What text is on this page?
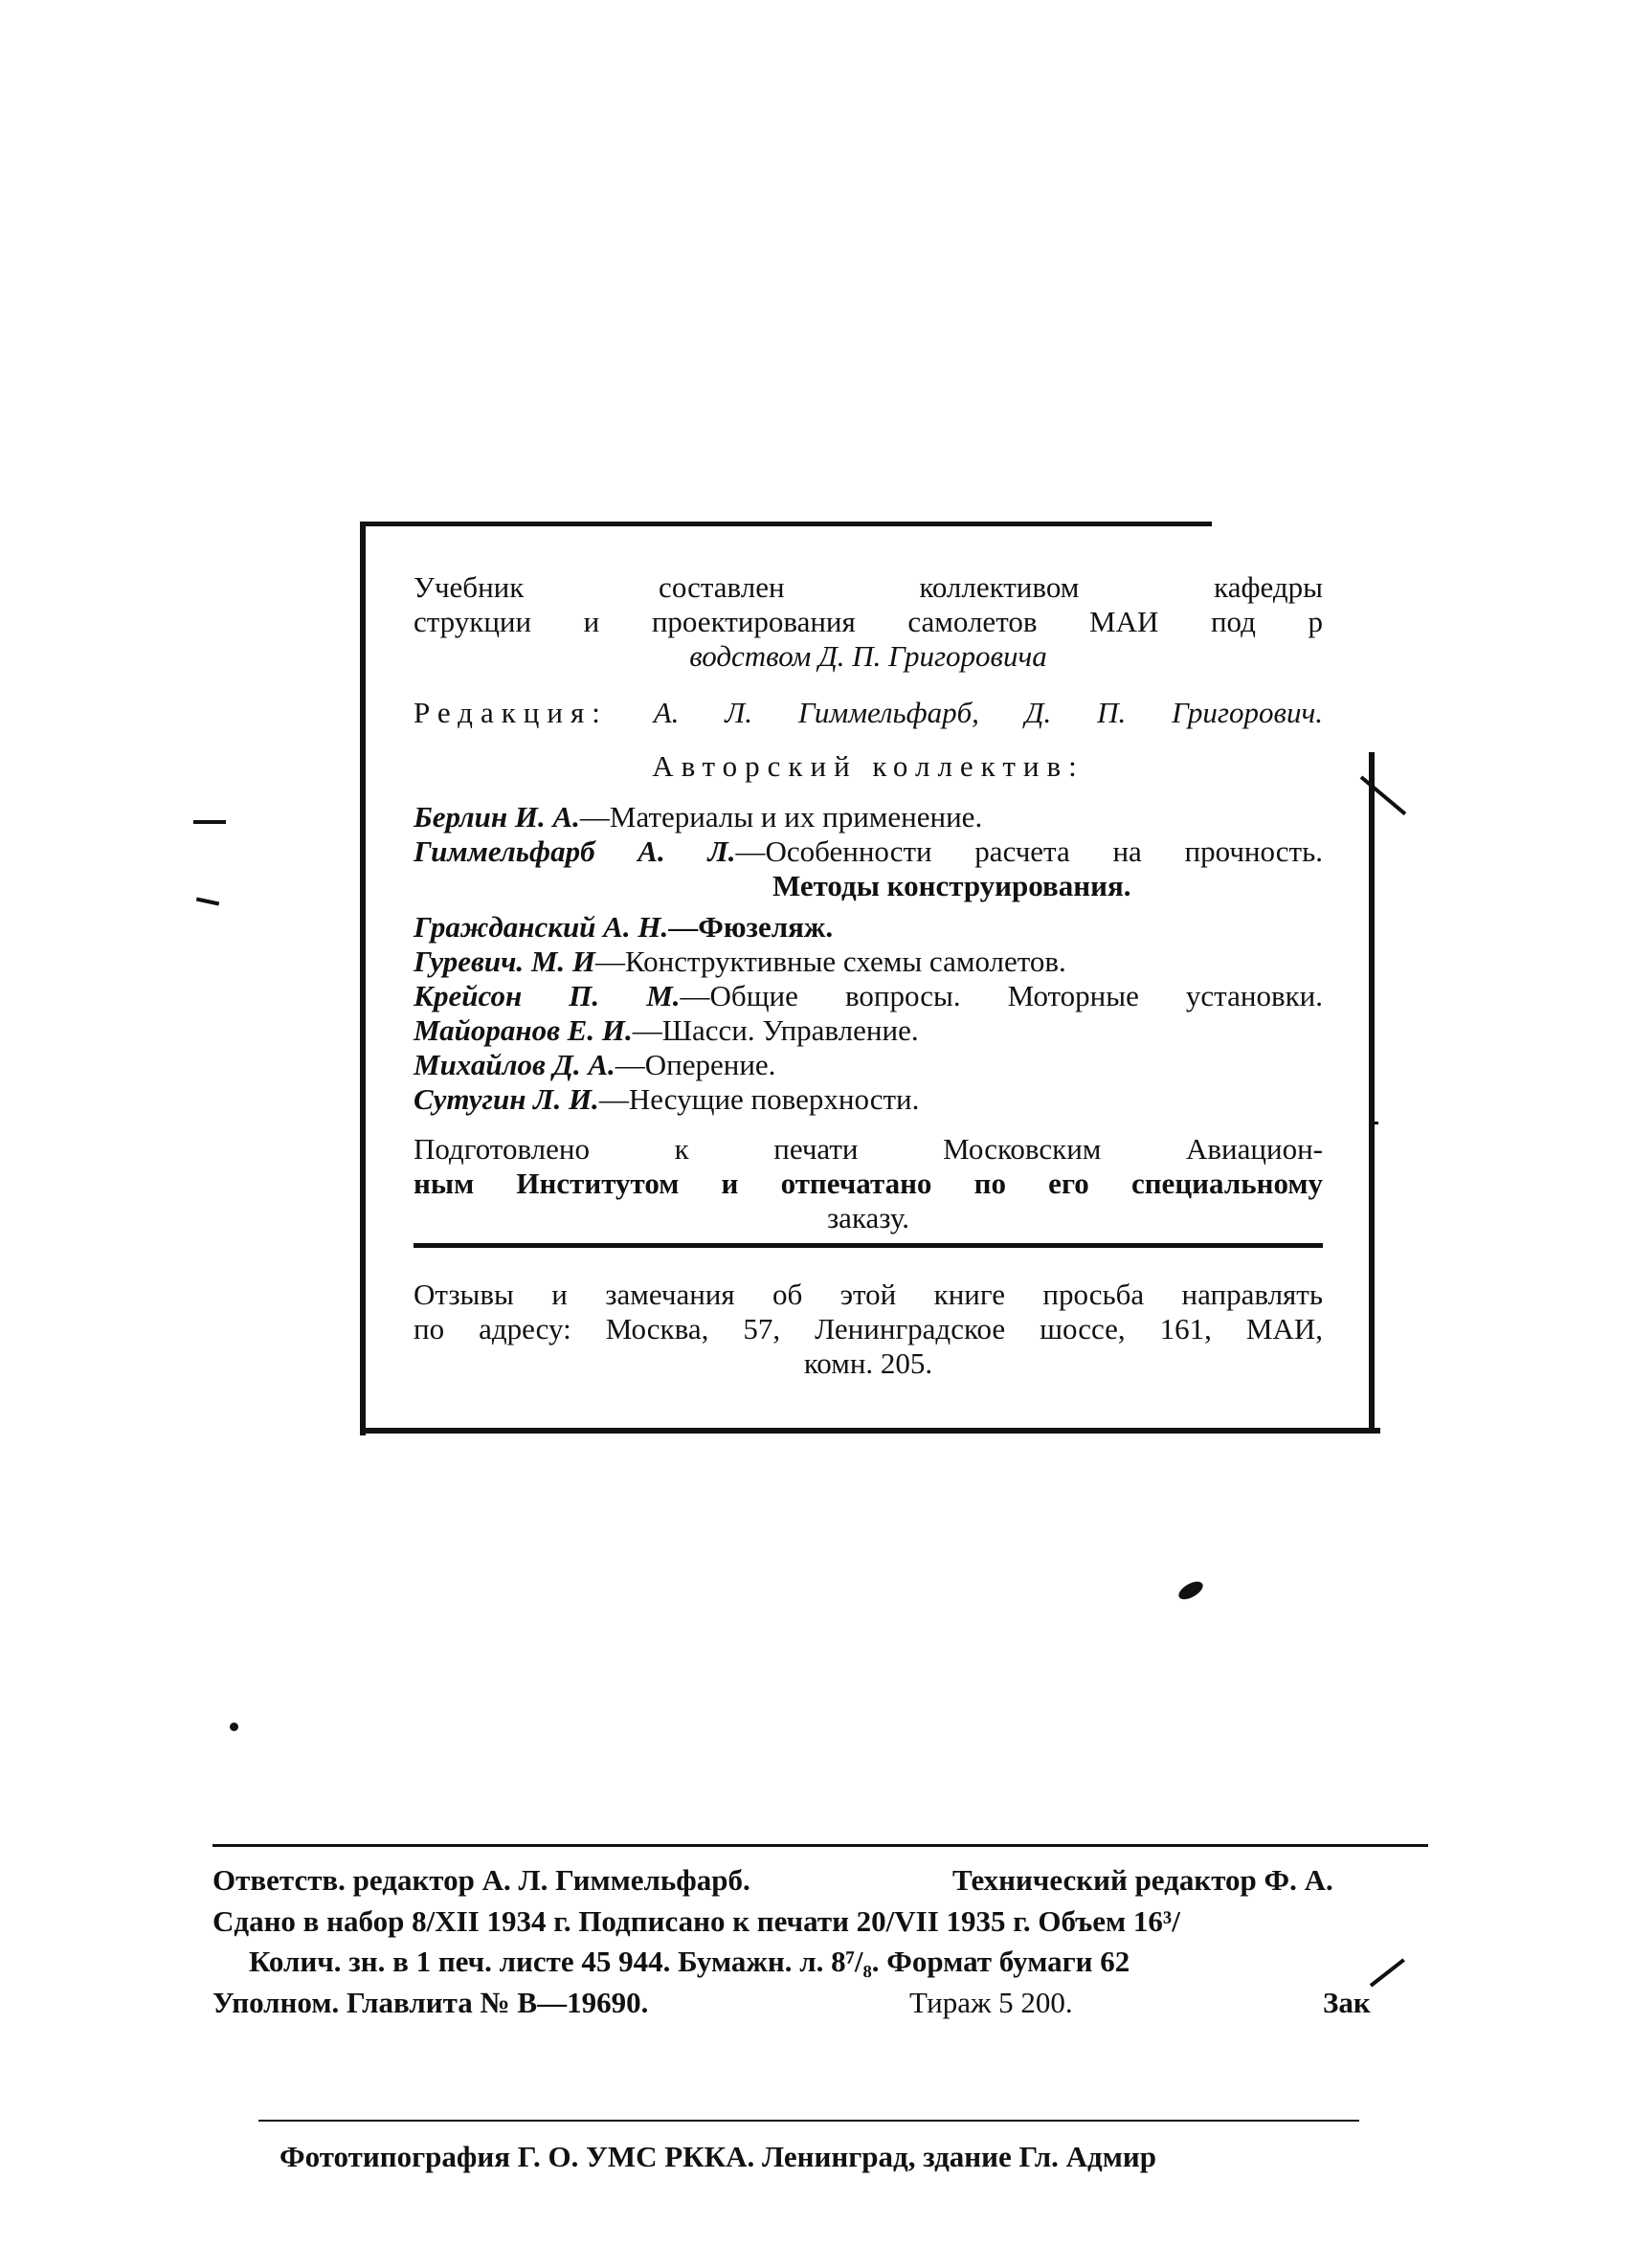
Учебник составлен коллективом кафедры
струкции и проектирования самолетов МАИ под р
водством Д. П. Григоровича
Редакция: А. Л. Гиммельфарб, Д. П. Григорович.
Авторский коллектив:
Берлин И. А.—Материалы и их применение.
Гиммельфарб А. Л.—Особенности расчета на прочность.
Методы конструирования.
Гражданский А. Н.—Фюзеляж.
Гуревич. М. И—Конструктивные схемы самолетов.
Крейсон П. М.—Общие вопросы. Моторные установки.
Майоранов Е. И.—Шасси. Управление.
Михайлов Д. А.—Оперение.
Сутугин Л. И.—Несущие поверхности.
Подготовлено к печати Московским Авиацион-
ным Институтом и отпечатано по его специальному
заказу.
Отзывы и замечания об этой книге просьба направлять
по адресу: Москва, 57, Ленинградское шоссе, 161, МАИ,
комн. 205.
Ответств. редактор А. Л. Гиммельфарб.	Технический редактор Ф. А.
Сдано в набор 8/XII 1934 г. Подписано к печати 20/VII 1935 г. Объем 16³/
Колич. зн. в 1 печ. листе 45 944. Бумажн. л. 8⁷/₈. Формат бумаги 62
Уполном. Главлита № В—19690.	Тираж 5 200.	Зак
Фототипография Г. О. УМС РККА. Ленинград, здание Гл. Адмир
